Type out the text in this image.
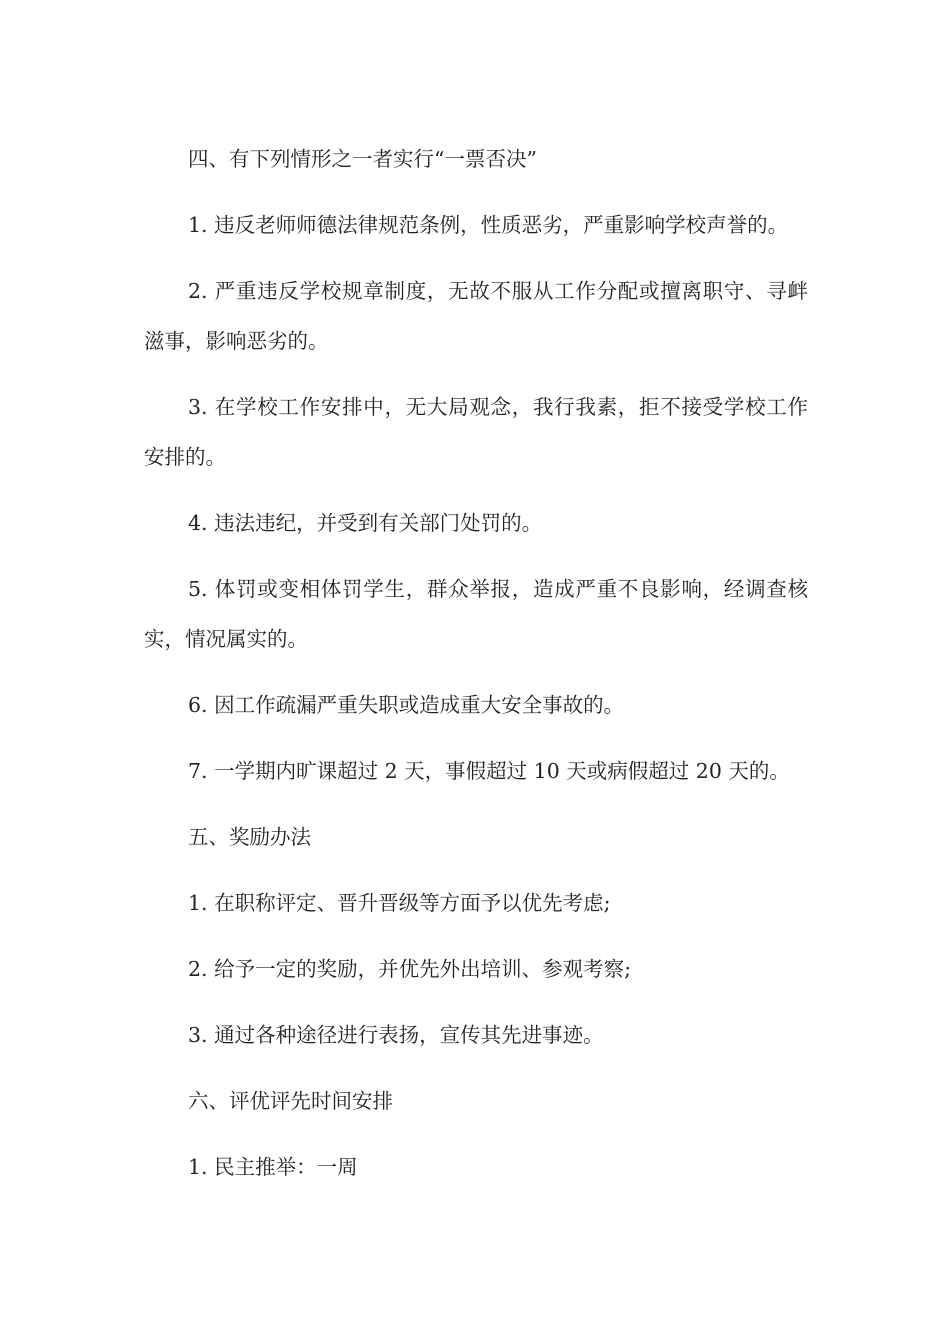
四、有下列情形之一者实行“一票否决”

1. 违反老师师德法律规范条例，性质恶劣，严重影响学校声誉的。

2. 严重违反学校规章制度，无故不服从工作分配或擅离职守、寻衅滋事，影响恶劣的。

3. 在学校工作安排中，无大局观念，我行我素，拒不接受学校工作安排的。

4. 违法违纪，并受到有关部门处罚的。

5. 体罚或变相体罚学生，群众举报，造成严重不良影响，经调查核实，情况属实的。

6. 因工作疏漏严重失职或造成重大安全事故的。

7. 一学期内旷课超过 2 天，事假超过 10 天或病假超过 20 天的。

五、奖励办法

1. 在职称评定、晋升晋级等方面予以优先考虑;

2. 给予一定的奖励，并优先外出培训、参观考察;

3. 通过各种途径进行表扬，宣传其先进事迹。

六、评优评先时间安排

1. 民主推举：一周
